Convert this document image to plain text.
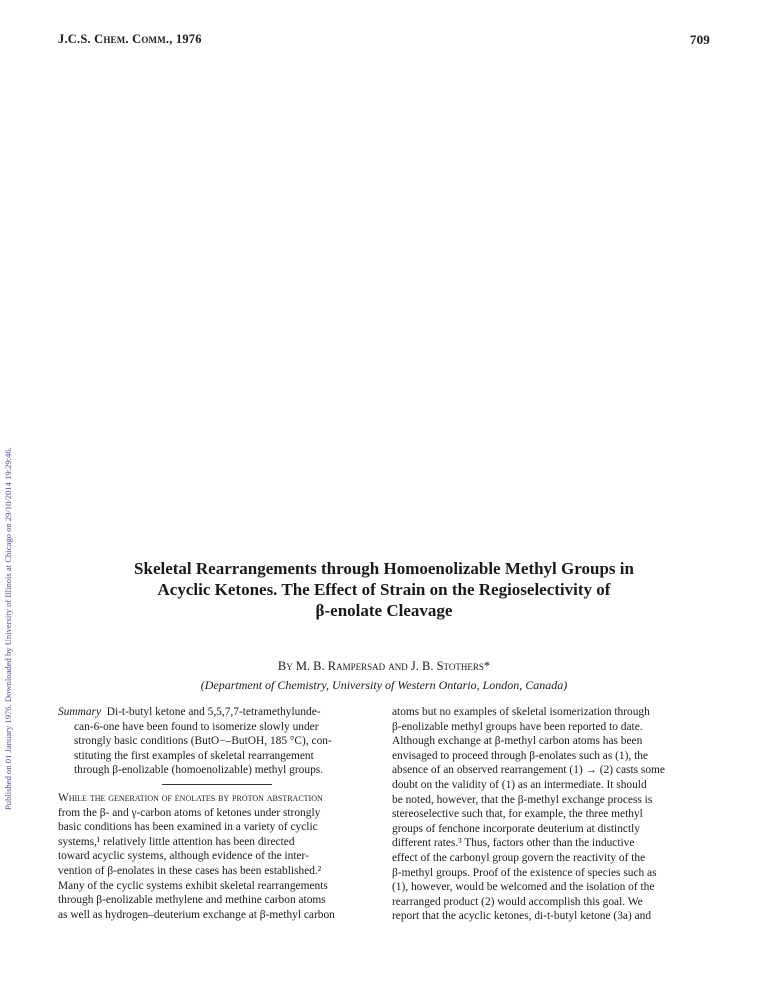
J.C.S. Chem. Comm., 1976	709
Published on 01 January 1976. Downloaded by University of Illinois at Chicago on 29/10/2014 19:29:46.	Skeletal Rearrangements through Homoenolizable Methyl Groups in
Acyclic Ketones. The Effect of Strain on the Regioselectivity of
β-enolate Cleavage
By M. B. Rampersad and J. B. Stothers*
(Department of Chemistry, University of Western Ontario, London, Canada)
Summary Di-t-butyl ketone and 5,5,7,7-tetramethylunde-
can-6-one have been found to isomerize slowly under
strongly basic conditions (ButO−–ButOH, 185 °C), con-
stituting the first examples of skeletal rearrangement
through β-enolizable (homoenolizable) methyl groups.

While the generation of enolates by proton abstraction
from the β- and γ-carbon atoms of ketones under strongly
basic conditions has been examined in a variety of cyclic
systems,¹ relatively little attention has been directed
toward acyclic systems, although evidence of the inter-
vention of β-enolates in these cases has been established.²
Many of the cyclic systems exhibit skeletal rearrangements
through β-enolizable methylene and methine carbon atoms
as well as hydrogen–deuterium exchange at β-methyl carbon

atoms but no examples of skeletal isomerization through
β-enolizable methyl groups have been reported to date.
Although exchange at β-methyl carbon atoms has been
envisaged to proceed through β-enolates such as (1), the
absence of an observed rearrangement (1) → (2) casts some
doubt on the validity of (1) as an intermediate. It should
be noted, however, that the β-methyl exchange process is
stereoselective such that, for example, the three methyl
groups of fenchone incorporate deuterium at distinctly
different rates.³ Thus, factors other than the inductive
effect of the carbonyl group govern the reactivity of the
β-methyl groups. Proof of the existence of species such as
(1), however, would be welcomed and the isolation of the
rearranged product (2) would accomplish this goal. We
report that the acyclic ketones, di-t-butyl ketone (3a) and
